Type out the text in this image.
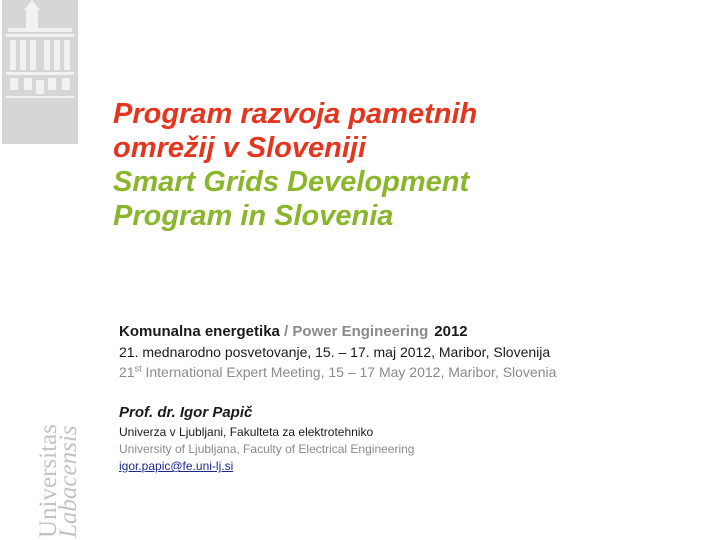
Universitas
Labacensis
Program razvoja pametnih
omrežij v Sloveniji
Smart Grids Development
Program in Slovenia
Komunalna energetika / Power Engineering 2012
21. mednarodno posvetovanje, 15. – 17. maj 2012, Maribor, Slovenija
21st International Expert Meeting, 15 – 17 May 2012, Maribor, Slovenia
Prof. dr. Igor Papič
Univerza v Ljubljani, Fakulteta za elektrotehniko
University of Ljubljana, Faculty of Electrical Engineering
igor.papic@fe.uni-lj.si
